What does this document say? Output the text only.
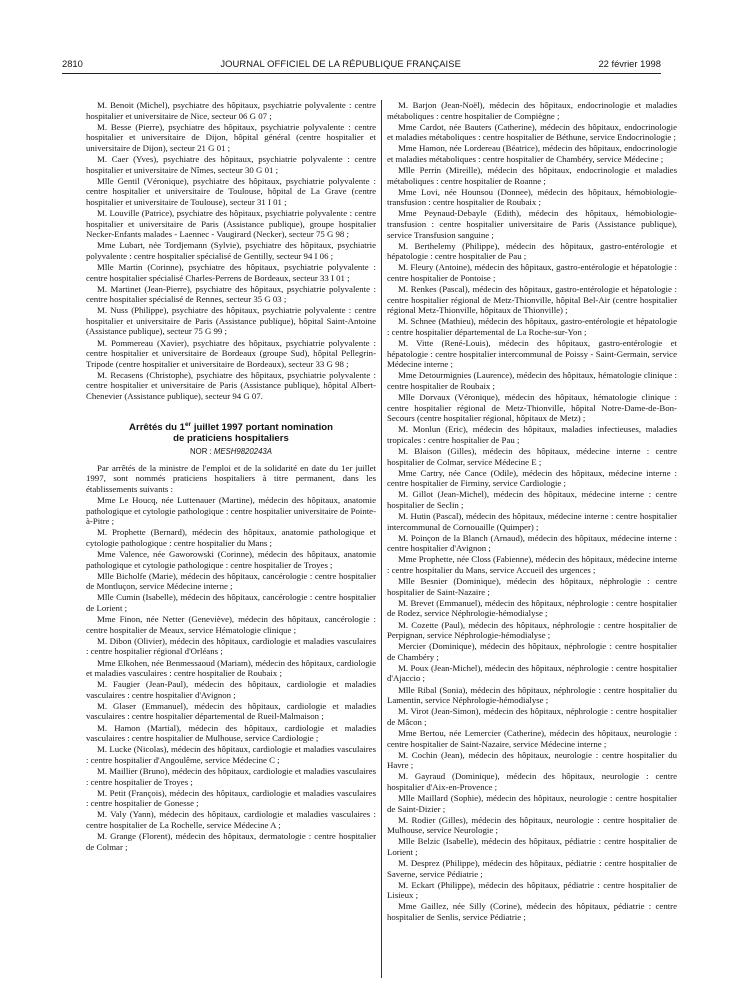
2810	JOURNAL OFFICIEL DE LA RÉPUBLIQUE FRANÇAISE	22 février 1998

M. Benoit (Michel), psychiatre des hôpitaux, psychiatrie polyvalente : centre hospitalier et universitaire de Nice, secteur 06 G 07 ;

M. Besse (Pierre), psychiatre des hôpitaux, psychiatrie polyvalente : centre hospitalier et universitaire de Dijon, hôpital général (centre hospitalier et universitaire de Dijon), secteur 21 G 01 ;

M. Caer (Yves), psychiatre des hôpitaux, psychiatrie polyvalente : centre hospitalier et universitaire de Nîmes, secteur 30 G 01 ;

Mlle Gentil (Véronique), psychiatre des hôpitaux, psychiatrie polyvalente : centre hospitalier et universitaire de Toulouse, hôpital de La Grave (centre hospitalier et universitaire de Toulouse), secteur 31 I 01 ;

M. Louville (Patrice), psychiatre des hôpitaux, psychiatrie polyvalente : centre hospitalier et universitaire de Paris (Assistance publique), groupe hospitalier Necker-Enfants malades - Laennec - Vaugirard (Necker), secteur 75 G 98 ;

Mme Lubart, née Tordjemann (Sylvie), psychiatre des hôpitaux, psychiatrie polyvalente : centre hospitalier spécialisé de Gentilly, secteur 94 I 06 ;

Mlle Martin (Corinne), psychiatre des hôpitaux, psychiatrie polyvalente : centre hospitalier spécialisé Charles-Perrens de Bordeaux, secteur 33 I 01 ;

M. Martinet (Jean-Pierre), psychiatre des hôpitaux, psychiatrie polyvalente : centre hospitalier spécialisé de Rennes, secteur 35 G 03 ;

M. Nuss (Philippe), psychiatre des hôpitaux, psychiatrie polyvalente : centre hospitalier et universitaire de Paris (Assistance publique), hôpital Saint-Antoine (Assistance publique), secteur 75 G 99 ;

M. Pommereau (Xavier), psychiatre des hôpitaux, psychiatrie polyvalente : centre hospitalier et universitaire de Bordeaux (groupe Sud), hôpital Pellegrin-Tripode (centre hospitalier et universitaire de Bordeaux), secteur 33 G 98 ;

M. Recasens (Christophe), psychiatre des hôpitaux, psychiatrie polyvalente : centre hospitalier et universitaire de Paris (Assistance publique), hôpital Albert-Chenevier (Assistance publique), secteur 94 G 07.

Arrêtés du 1er juillet 1997 portant nomination
de praticiens hospitaliers
NOR : MESH9820243A

Par arrêtés de la ministre de l'emploi et de la solidarité en date du 1er juillet 1997, sont nommés praticiens hospitaliers à titre permanent, dans les établissements suivants :

Mme Le Houcq, née Luttenauer (Martine), médecin des hôpitaux, anatomie pathologique et cytologie pathologique : centre hospitalier universitaire de Pointe-à-Pitre ;

M. Prophette (Bernard), médecin des hôpitaux, anatomie pathologique et cytologie pathologique : centre hospitalier du Mans ;

Mme Valence, née Gaworowski (Corinne), médecin des hôpitaux, anatomie pathologique et cytologie pathologique : centre hospitalier de Troyes ;

Mlle Bicholfe (Marie), médecin des hôpitaux, cancérologie : centre hospitalier de Montluçon, service Médecine interne ;

Mlle Cumin (Isabelle), médecin des hôpitaux, cancérologie : centre hospitalier de Lorient ;

Mme Finon, née Netter (Geneviève), médecin des hôpitaux, cancérologie : centre hospitalier de Meaux, service Hématologie clinique ;

M. Dibon (Olivier), médecin des hôpitaux, cardiologie et maladies vasculaires : centre hospitalier régional d'Orléans ;

Mme Elkohen, née Benmessaoud (Mariam), médecin des hôpitaux, cardiologie et maladies vasculaires : centre hospitalier de Roubaix ;

M. Faugier (Jean-Paul), médecin des hôpitaux, cardiologie et maladies vasculaires : centre hospitalier d'Avignon ;

M. Glaser (Emmanuel), médecin des hôpitaux, cardiologie et maladies vasculaires : centre hospitalier départemental de Rueil-Malmaison ;

M. Hamon (Martial), médecin des hôpitaux, cardiologie et maladies vasculaires : centre hospitalier de Mulhouse, service Cardiologie ;

M. Lucke (Nicolas), médecin des hôpitaux, cardiologie et maladies vasculaires : centre hospitalier d'Angoulême, service Médecine C ;

M. Maillier (Bruno), médecin des hôpitaux, cardiologie et maladies vasculaires : centre hospitalier de Troyes ;

M. Petit (François), médecin des hôpitaux, cardiologie et maladies vasculaires : centre hospitalier de Gonesse ;

M. Valy (Yann), médecin des hôpitaux, cardiologie et maladies vasculaires : centre hospitalier de La Rochelle, service Médecine A ;

M. Grange (Florent), médecin des hôpitaux, dermatologie : centre hospitalier de Colmar ;

M. Barjon (Jean-Noël), médecin des hôpitaux, endocrinologie et maladies métaboliques : centre hospitalier de Compiègne ;

Mme Cardot, née Bauters (Catherine), médecin des hôpitaux, endocrinologie et maladies métaboliques : centre hospitalier de Béthune, service Endocrinologie ;

Mme Hamon, née Lordereau (Béatrice), médecin des hôpitaux, endocrinologie et maladies métaboliques : centre hospitalier de Chambéry, service Médecine ;

Mlle Perrin (Mireille), médecin des hôpitaux, endocrinologie et maladies métaboliques : centre hospitalier de Roanne ;

Mme Lovi, née Hounsou (Donnee), médecin des hôpitaux, hémobiologie-transfusion : centre hospitalier de Roubaix ;

Mme Peynaud-Debayle (Edith), médecin des hôpitaux, hémobiologie-transfusion : centre hospitalier universitaire de Paris (Assistance publique), service Transfusion sanguine ;

M. Berthelemy (Philippe), médecin des hôpitaux, gastro-entérologie et hépatologie : centre hospitalier de Pau ;

M. Fleury (Antoine), médecin des hôpitaux, gastro-entérologie et hépatologie : centre hospitalier de Pontoise ;

M. Renkes (Pascal), médecin des hôpitaux, gastro-entérologie et hépatologie : centre hospitalier régional de Metz-Thionville, hôpital Bel-Air (centre hospitalier régional Metz-Thionville, hôpitaux de Thionville) ;

M. Schnee (Mathieu), médecin des hôpitaux, gastro-entérologie et hépatologie : centre hospitalier départemental de La Roche-sur-Yon ;

M. Vitte (René-Louis), médecin des hôpitaux, gastro-entérologie et hépatologie : centre hospitalier intercommunal de Poissy - Saint-Germain, service Médecine interne ;

Mme Detourmignies (Laurence), médecin des hôpitaux, hématologie clinique : centre hospitalier de Roubaix ;

Mlle Dorvaux (Véronique), médecin des hôpitaux, hématologie clinique : centre hospitalier régional de Metz-Thionville, hôpital Notre-Dame-de-Bon-Secours (centre hospitalier régional, hôpitaux de Metz) ;

M. Monlun (Eric), médecin des hôpitaux, maladies infectieuses, maladies tropicales : centre hospitalier de Pau ;

M. Blaison (Gilles), médecin des hôpitaux, médecine interne : centre hospitalier de Colmar, service Médecine E ;

Mme Cartry, née Cance (Odile), médecin des hôpitaux, médecine interne : centre hospitalier de Firminy, service Cardiologie ;

M. Gillot (Jean-Michel), médecin des hôpitaux, médecine interne : centre hospitalier de Seclin ;

M. Hutin (Pascal), médecin des hôpitaux, médecine interne : centre hospitalier intercommunal de Cornouaille (Quimper) ;

M. Poinçon de la Blanch (Arnaud), médecin des hôpitaux, médecine interne : centre hospitalier d'Avignon ;

Mme Prophette, née Closs (Fabienne), médecin des hôpitaux, médecine interne : centre hospitalier du Mans, service Accueil des urgences ;

Mlle Besnier (Dominique), médecin des hôpitaux, néphrologie : centre hospitalier de Saint-Nazaire ;

M. Brevet (Emmanuel), médecin des hôpitaux, néphrologie : centre hospitalier de Rodez, service Néphrologie-hémodialyse ;

M. Cozette (Paul), médecin des hôpitaux, néphrologie : centre hospitalier de Perpignan, service Néphrologie-hémodialyse ;

Mercier (Dominique), médecin des hôpitaux, néphrologie : centre hospitalier de Chambéry ;

M. Poux (Jean-Michel), médecin des hôpitaux, néphrologie : centre hospitalier d'Ajaccio ;

Mlle Ribal (Sonia), médecin des hôpitaux, néphrologie : centre hospitalier du Lamentin, service Néphrologie-hémodialyse ;

M. Virot (Jean-Simon), médecin des hôpitaux, néphrologie : centre hospitalier de Mâcon ;

Mme Bertou, née Lemercier (Catherine), médecin des hôpitaux, neurologie : centre hospitalier de Saint-Nazaire, service Médecine interne ;

M. Cochin (Jean), médecin des hôpitaux, neurologie : centre hospitalier du Havre ;

M. Gayraud (Dominique), médecin des hôpitaux, neurologie : centre hospitalier d'Aix-en-Provence ;

Mlle Maillard (Sophie), médecin des hôpitaux, neurologie : centre hospitalier de Saint-Dizier ;

M. Rodier (Gilles), médecin des hôpitaux, neurologie : centre hospitalier de Mulhouse, service Neurologie ;

Mlle Belzic (Isabelle), médecin des hôpitaux, pédiatrie : centre hospitalier de Lorient ;

M. Desprez (Philippe), médecin des hôpitaux, pédiatrie : centre hospitalier de Saverne, service Pédiatrie ;

M. Eckart (Philippe), médecin des hôpitaux, pédiatrie : centre hospitalier de Lisieux ;

Mme Gaillez, née Silly (Corine), médecin des hôpitaux, pédiatrie : centre hospitalier de Senlis, service Pédiatrie ;
